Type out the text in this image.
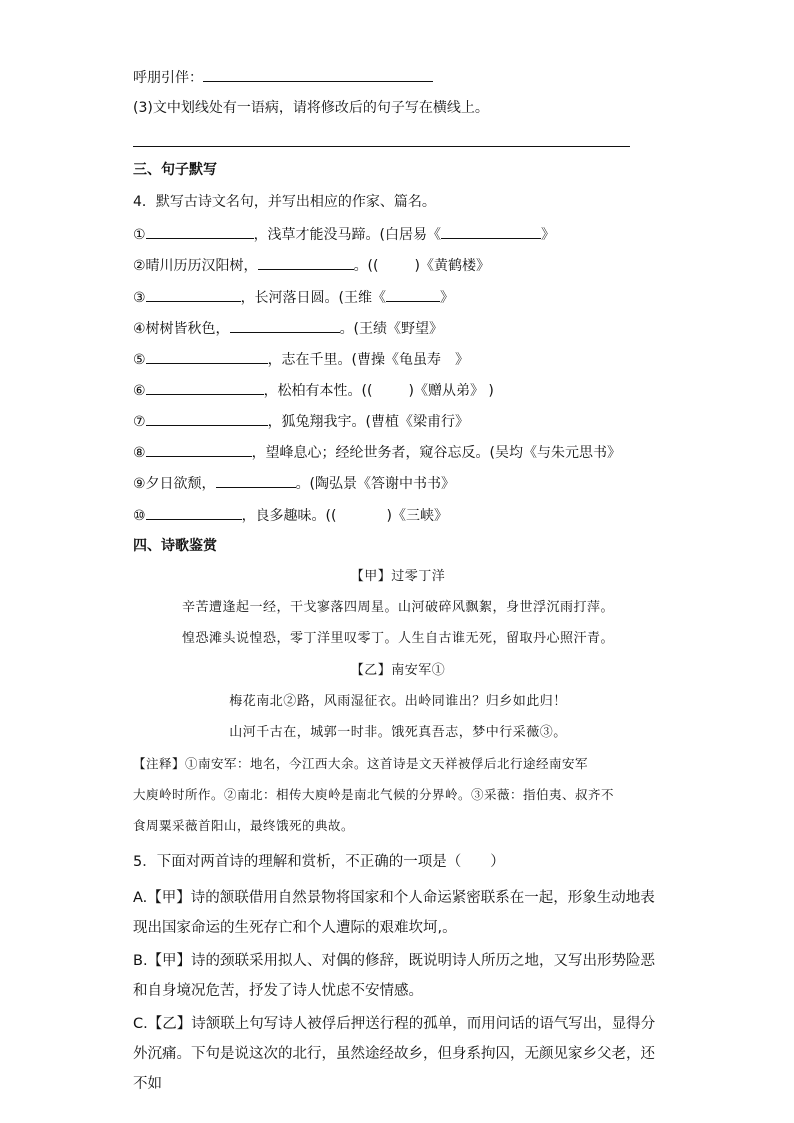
呼朋引伴：
(3)文中划线处有一语病，请将修改后的句子写在横线上。
三、句子默写
4．默写古诗文名句，并写出相应的作家、篇名。
①	，浅草才能没马蹄。(白居易《	》
②晴川历历汉阳树，	。((	)《黄鹤楼》
③	，长河落日圆。(王维《	》
④树树皆秋色，	。(王绩《野望》
⑤	，志在千里。(曹操《龟虽寿　》
⑥	，松柏有本性。((	)《赠从弟》 )
⑦	，狐兔翔我宇。(曹植《梁甫行》
⑧	，望峰息心；经纶世务者，窥谷忘反。(吴均《与朱元思书》
⑨夕日欲颓，	。(陶弘景《答谢中书书》
⑩	，良多趣味。((	)《三峡》
四、诗歌鉴赏
【甲】过零丁洋
辛苦遭逢起一经，干戈寥落四周星。山河破碎风飘絮，身世浮沉雨打萍。
惶恐滩头说惶恐，零丁洋里叹零丁。人生自古谁无死，留取丹心照汗青。
【乙】南安军①
梅花南北②路，风雨湿征衣。出岭同谁出？归乡如此归！
山河千古在，城郭一时非。饿死真吾志，梦中行采薇③。
【注释】①南安军：地名，今江西大余。这首诗是文天祥被俘后北行途经南安军
大庾岭时所作。②南北：相传大庾岭是南北气候的分界岭。③采薇：指伯夷、叔齐不
食周粟采薇首阳山，最终饿死的典故。
5．下面对两首诗的理解和赏析，不正确的一项是（　　）
A.【甲】诗的颔联借用自然景物将国家和个人命运紧密联系在一起，形象生动地表现出国家命运的生死存亡和个人遭际的艰难坎坷,。
B.【甲】诗的颈联采用拟人、对偶的修辞，既说明诗人所历之地，又写出形势险恶和自身境况危苦，抒发了诗人忧虑不安情感。
C.【乙】诗颔联上句写诗人被俘后押送行程的孤单，而用问话的语气写出，显得分外沉痛。下句是说这次的北行，虽然途经故乡，但身系拘囚，无颜见家乡父老，还不如
